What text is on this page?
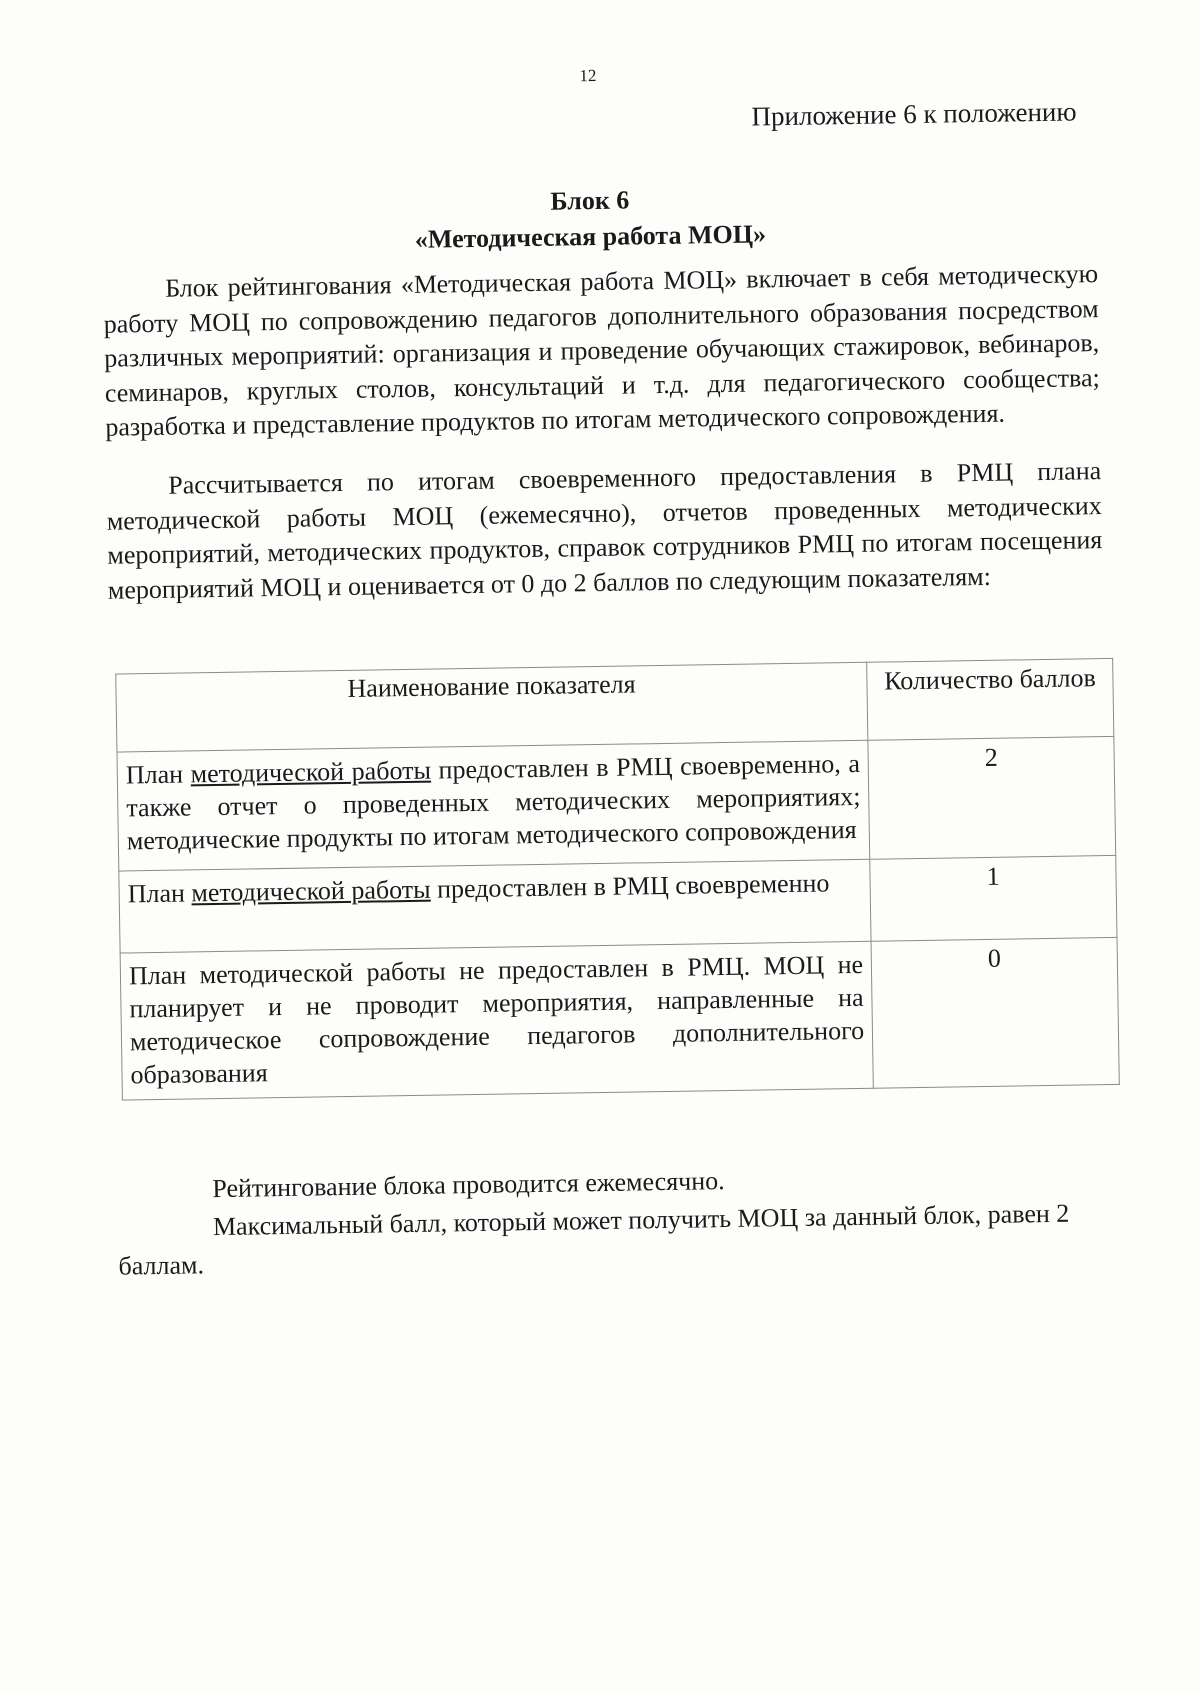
12
Приложение 6 к положению
Блок 6
«Методическая работа МОЦ»
Блок рейтингования «Методическая работа МОЦ» включает в себя методическую работу МОЦ по сопровождению педагогов дополнительного образования посредством различных мероприятий: организация и проведение обучающих стажировок, вебинаров, семинаров, круглых столов, консультаций и т.д. для педагогического сообщества; разработка и представление продуктов по итогам методического сопровождения.
Рассчитывается по итогам своевременного предоставления в РМЦ плана методической работы МОЦ (ежемесячно), отчетов проведенных методических мероприятий, методических продуктов, справок сотрудников РМЦ по итогам посещения мероприятий МОЦ и оценивается от 0 до 2 баллов по следующим показателям:
Наименование показателя	Количество баллов
План методической работы предоставлен в РМЦ своевременно, а также отчет о проведенных методических мероприятиях; методические продукты по итогам методического сопровождения	2
План методической работы предоставлен в РМЦ своевременно	1
План методической работы не предоставлен в РМЦ. МОЦ не планирует и не проводит мероприятия, направленные на методическое сопровождение педагогов дополнительного образования	0
Рейтингование блока проводится ежемесячно.
Максимальный балл, который может получить МОЦ за данный блок, равен 2 баллам.
